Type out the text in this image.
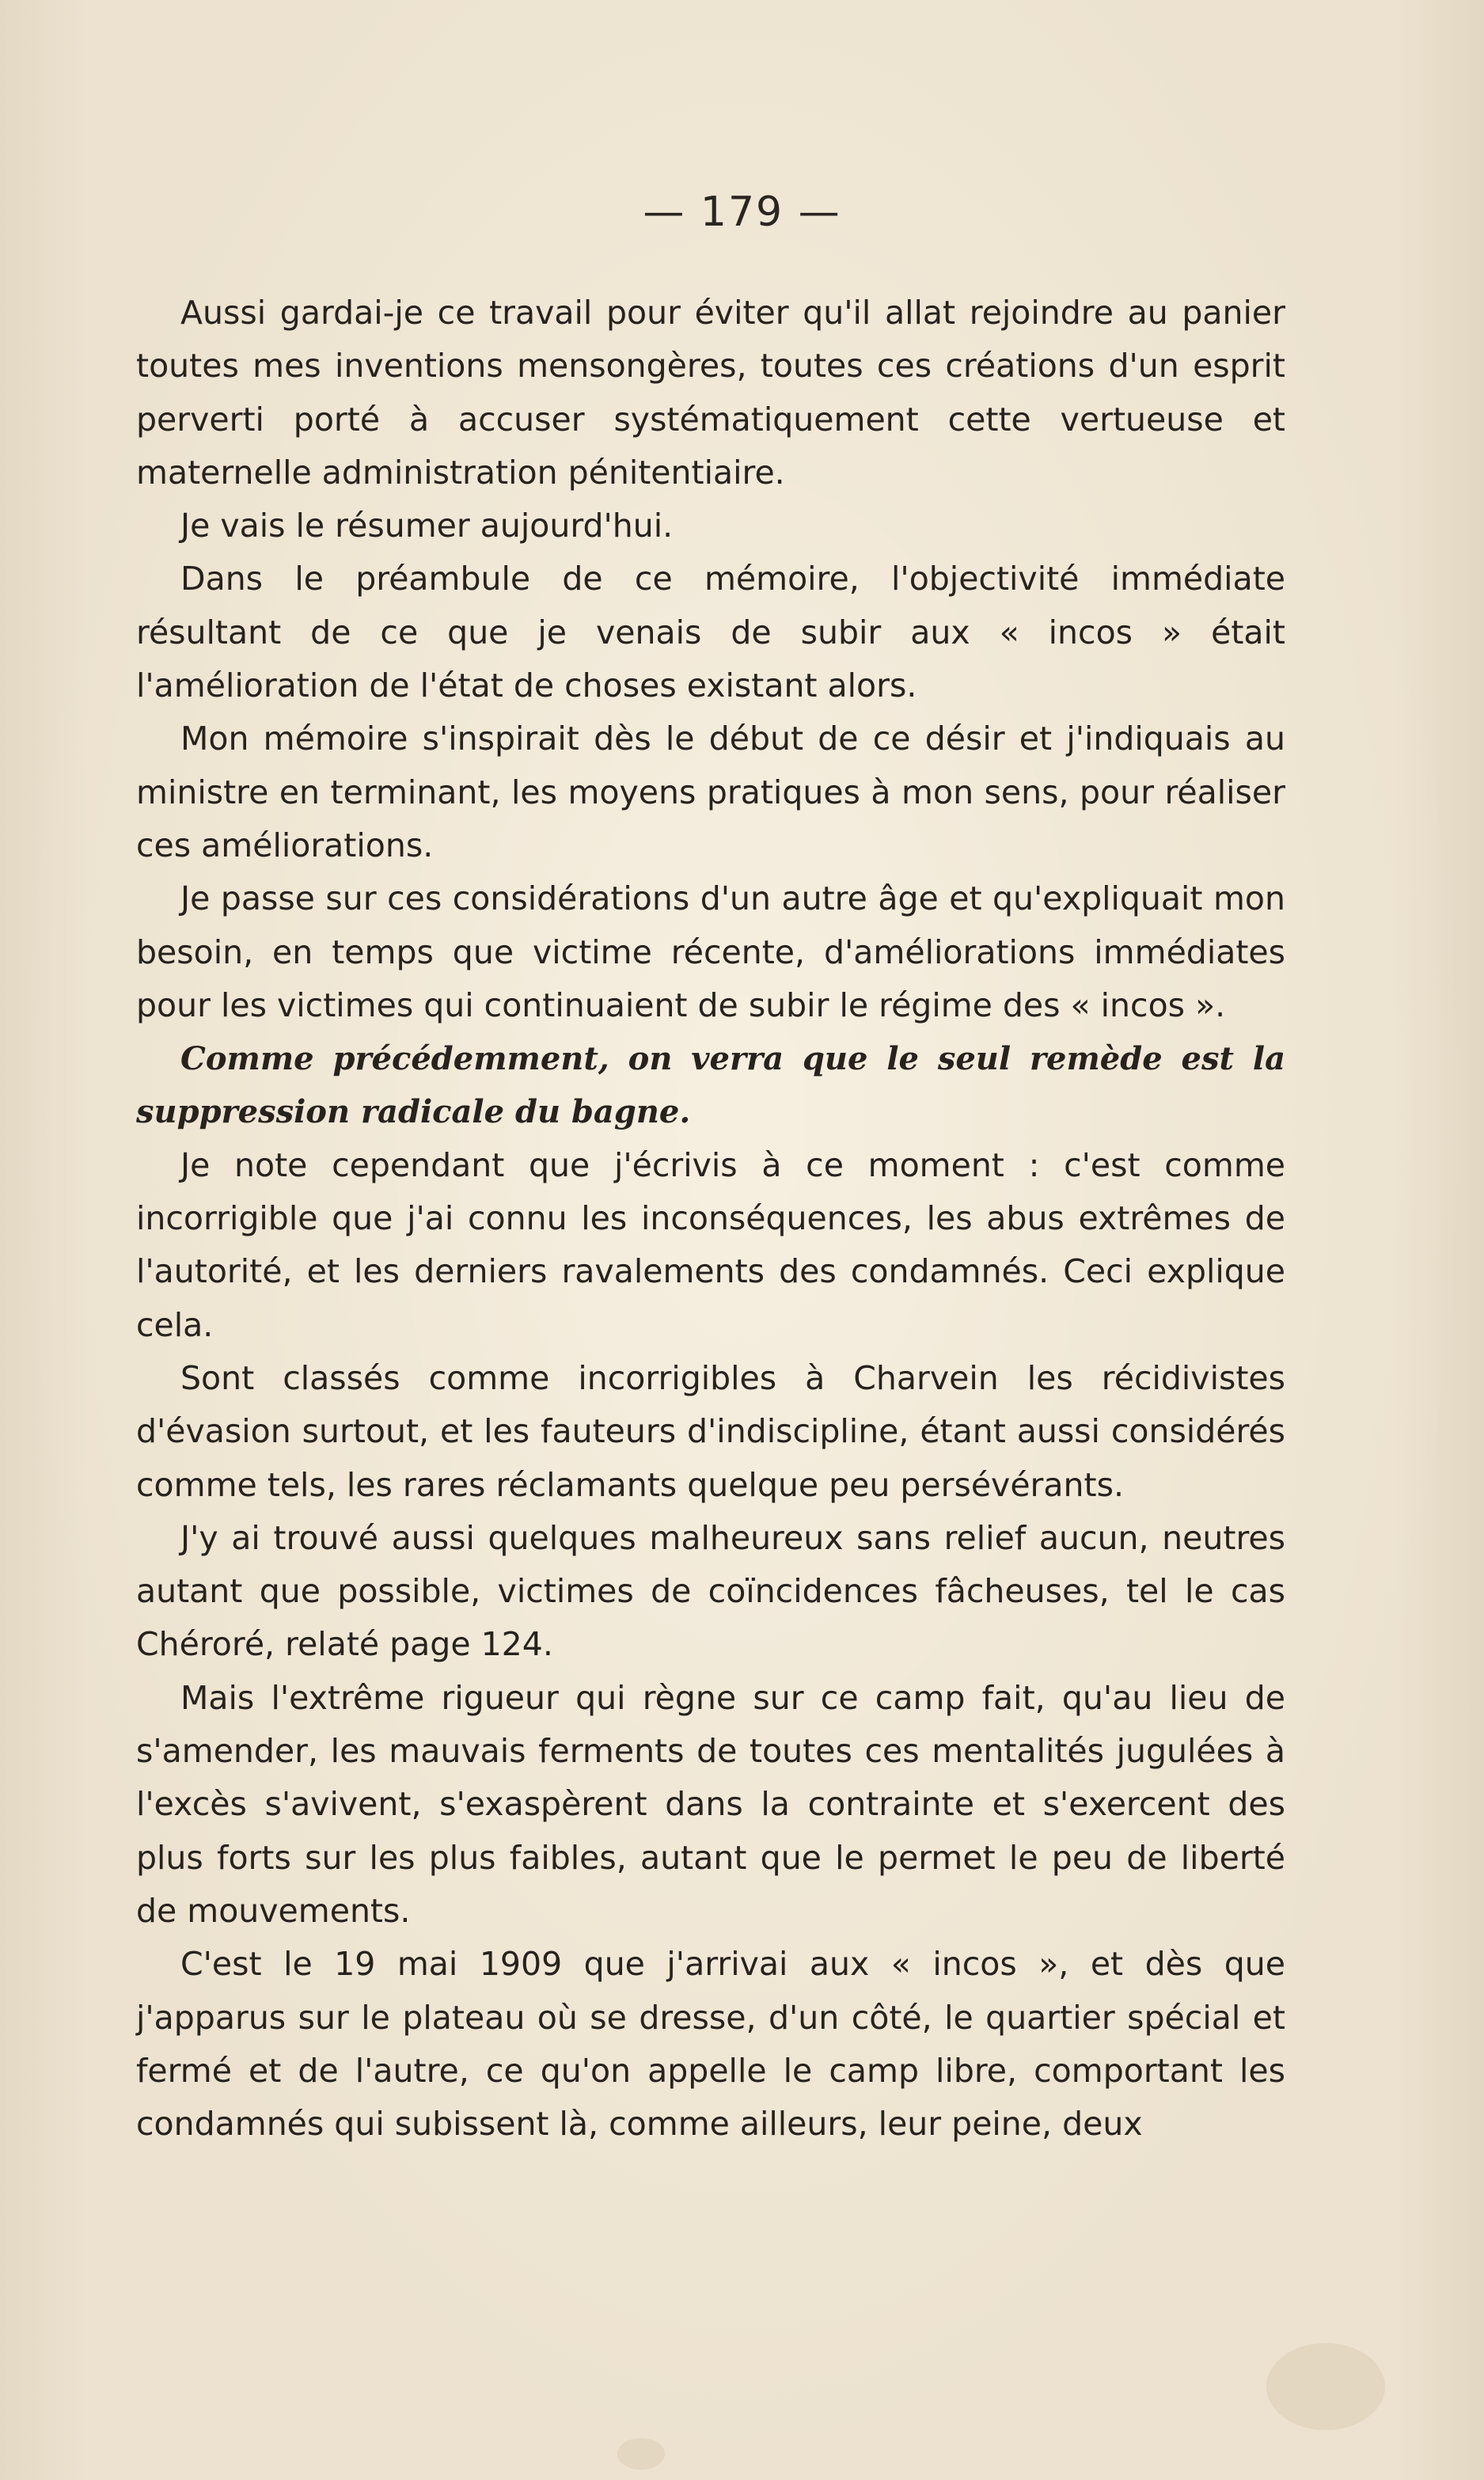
— 179 —

Aussi gardai-je ce travail pour éviter qu'il allat rejoindre au panier toutes mes inventions mensongères, toutes ces créations d'un esprit perverti porté à accuser systématiquement cette vertueuse et maternelle administration pénitentiaire.

Je vais le résumer aujourd'hui.

Dans le préambule de ce mémoire, l'objectivité immédiate résultant de ce que je venais de subir aux « incos » était l'amélioration de l'état de choses existant alors.

Mon mémoire s'inspirait dès le début de ce désir et j'indiquais au ministre en terminant, les moyens pratiques à mon sens, pour réaliser ces améliorations.

Je passe sur ces considérations d'un autre âge et qu'expliquait mon besoin, en temps que victime récente, d'améliorations immédiates pour les victimes qui continuaient de subir le régime des « incos ».

Comme précédemment, on verra que le seul remède est la suppression radicale du bagne.

Je note cependant que j'écrivis à ce moment : c'est comme incorrigible que j'ai connu les inconséquences, les abus extrêmes de l'autorité, et les derniers ravalements des condamnés. Ceci explique cela.

Sont classés comme incorrigibles à Charvein les récidivistes d'évasion surtout, et les fauteurs d'indiscipline, étant aussi considérés comme tels, les rares réclamants quelque peu persévérants.

J'y ai trouvé aussi quelques malheureux sans relief aucun, neutres autant que possible, victimes de coïncidences fâcheuses, tel le cas Chéroré, relaté page 124.

Mais l'extrême rigueur qui règne sur ce camp fait, qu'au lieu de s'amender, les mauvais ferments de toutes ces mentalités jugulées à l'excès s'avivent, s'exaspèrent dans la contrainte et s'exercent des plus forts sur les plus faibles, autant que le permet le peu de liberté de mouvements.

C'est le 19 mai 1909 que j'arrivai aux « incos », et dès que j'apparus sur le plateau où se dresse, d'un côté, le quartier spécial et fermé et de l'autre, ce qu'on appelle le camp libre, comportant les condamnés qui subissent là, comme ailleurs, leur peine, deux
